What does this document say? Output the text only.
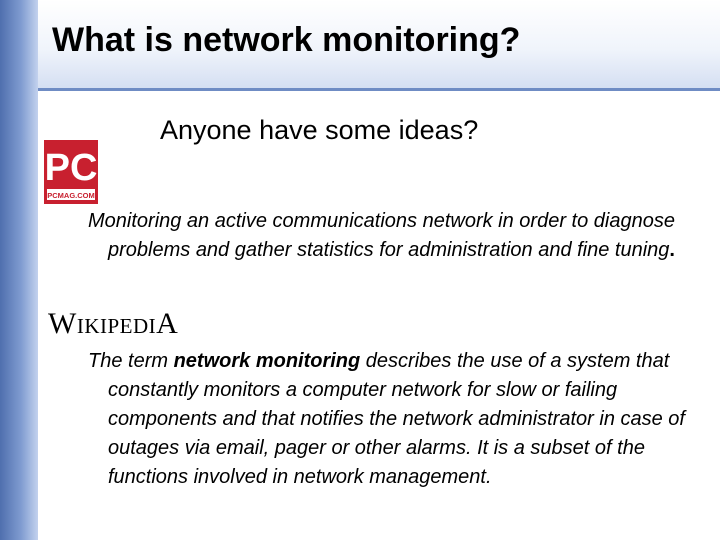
What is network monitoring?

Anyone have some ideas?

PC
PCMAG.COM

Monitoring an active communications network in order to diagnose problems and gather statistics for administration and fine tuning.

WikipediA

The term network monitoring describes the use of a system that constantly monitors a computer network for slow or failing components and that notifies the network administrator in case of outages via email, pager or other alarms. It is a subset of the functions involved in network management.
